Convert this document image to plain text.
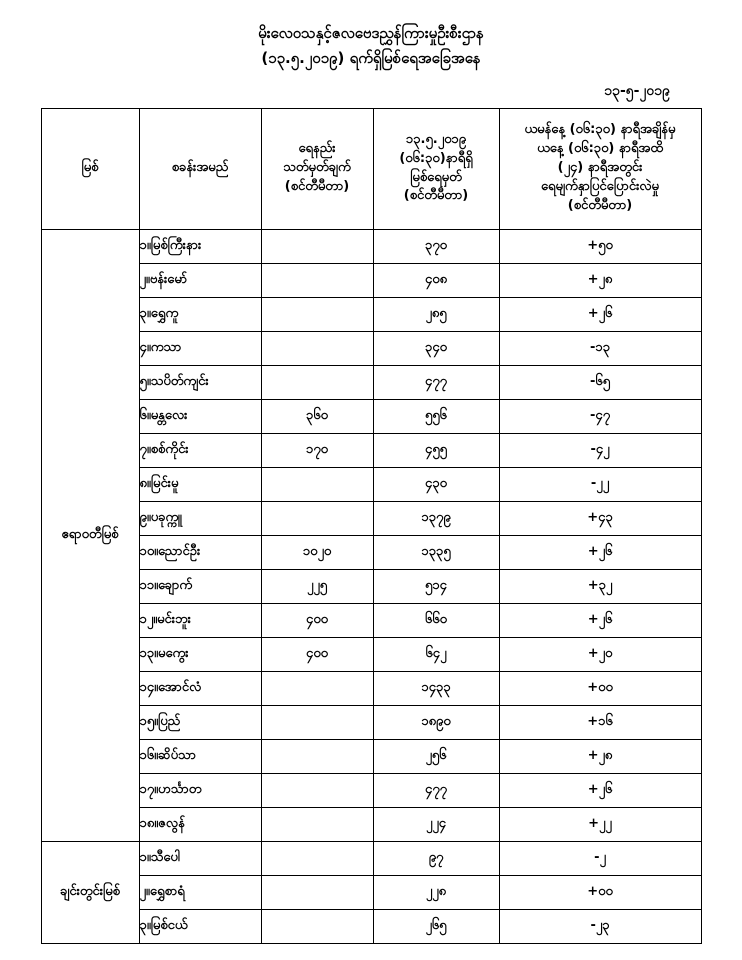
မိုးလေဝသနှင့်ဇလဗေဒညွှန်ကြားမှုဦးစီးဌာန
(၁၃.၅.၂၀၁၉) ရက်ရှိမြစ်ရေအခြေအနေ
၁၃-၅-၂၀၁၉
မြစ်	စခန်းအမည်

ရေနည်း
သတ်မှတ်ချက်
(စင်တီမီတာ)

၁၃.၅.၂၀၁၉
(၀၆:၃၀)နာရီရှိ
မြစ်ရေမှတ်
(စင်တီမီတာ)

ယမန်နေ့ (၀၆:၃၀) နာရီအချိန်မှ
ယနေ့ (၀၆:၃၀) နာရီအထိ
(၂၄) နာရီအတွင်း
ရေမျက်နှာပြင်ပြောင်းလဲမှု
(စင်တီမီတာ)

ဧရာဝတီမြစ်	၁။မြစ်ကြီးနား		၃၇၀	+၅၀
	၂။ဗန်းမော်		၄၀၈	+၂၈
	၃။ရွှေကူ		၂၈၅	+၂၆
	၄။ကသာ		၃၄၀	-၁၃
	၅။သပိတ်ကျင်း		၄၇၇	-၆၅
	၆။မန္တလေး	၃၆၀	၅၅၆	-၄၇
	၇။စစ်ကိုင်း	၁၇၀	၄၅၅	-၄၂
	၈။မြင်းမူ		၄၃၀	-၂၂
	၉။ပခုက္ကူ		၁၃၇၉	+၄၃
	၁၀။ညောင်ဦး	၁၀၂၀	၁၃၃၅	+၂၆
	၁၁။ချောက်	၂၂၅	၅၁၄	+၃၂
	၁၂။မင်းဘူး	၄၀၀	၆၆၀	+၂၆
	၁၃။မကွေး	၄၀၀	၆၄၂	+၂၀
	၁၄။အောင်လံ		၁၄၃၃	+၀၀
	၁၅။ပြည်		၁၈၉၀	+၁၆
	၁၆။ဆိပ်သာ		၂၅၆	+၂၈
	၁၇။ဟင်္သာတ		၄၇၇	+၂၆
	၁၈။ဇလွန်		၂၂၄	+၂၂
ချင်းတွင်းမြစ်	၁။သီပေါ		၉၇	-၂
	၂။ရွှေစာရံ		၂၂၈	+၀၀
	၃။မြစ်ငယ်		၂၆၅	-၂၃
